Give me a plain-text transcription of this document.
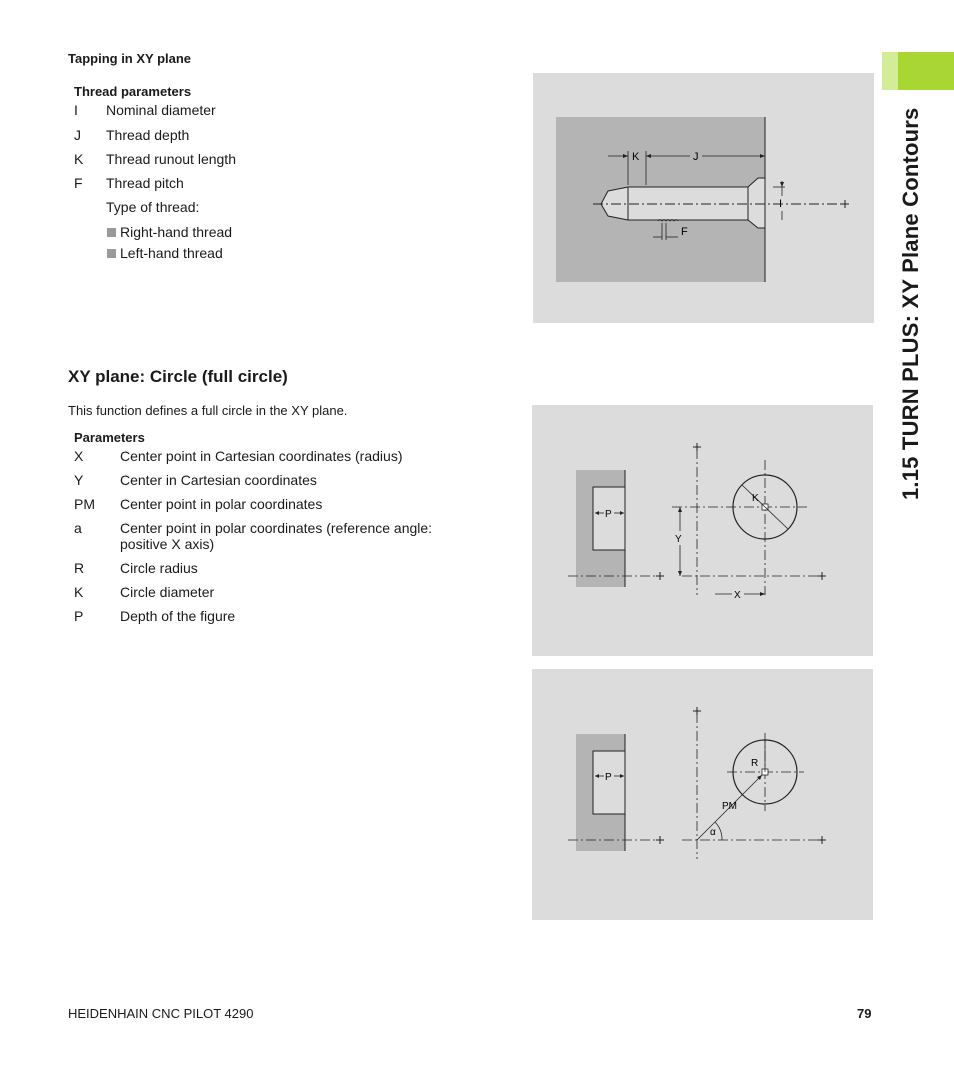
1.15 TURN PLUS: XY Plane Contours
Tapping in XY plane
Thread parameters
I Nominal diameter
J Thread depth
K Thread runout length
F Thread pitch
Type of thread:
Right-hand thread
Left-hand thread
K	J
I
F
XY plane: Circle (full circle)
This function defines a full circle in the XY plane.
Parameters
X	Center point in Cartesian coordinates (radius)
Y	Center in Cartesian coordinates
PM Center point in polar coordinates
a	Center point in polar coordinates (reference angle: positive X axis)
R	Circle radius
K	Circle diameter
P	Depth of the figure
P
K
Y
X
P
R
PM
α
HEIDENHAIN CNC PILOT 4290	79
